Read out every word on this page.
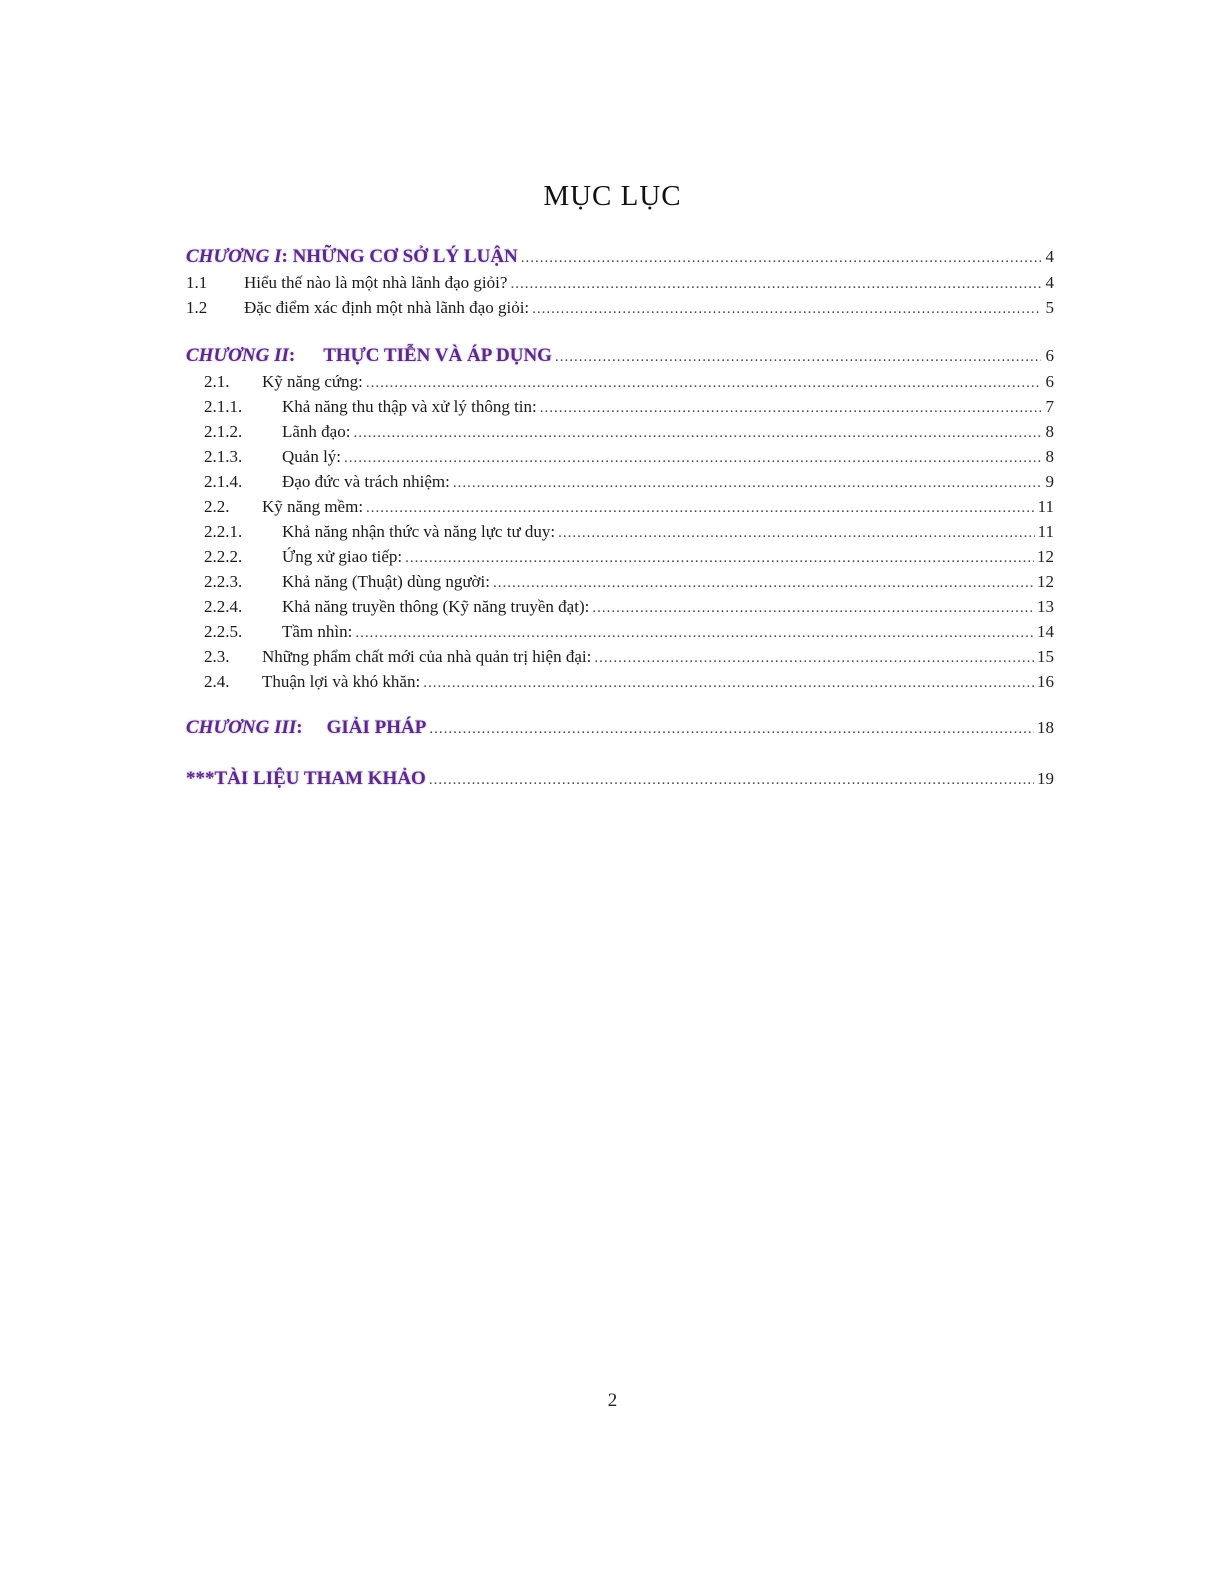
MỤC LỤC
CHƯƠNG I: NHỮNG CƠ SỞ LÝ LUẬN .....	4
1.1	Hiểu thế nào là một nhà lãnh đạo giỏi? .....	4
1.2	Đặc điểm xác định một nhà lãnh đạo giỏi: .....	5
CHƯƠNG II: THỰC TIỄN VÀ ÁP DỤNG .....	6
2.1.	Kỹ năng cứng: .....	6
2.1.1.	Khả năng thu thập và xử lý thông tin: .....	7
2.1.2.	Lãnh đạo: .....	8
2.1.3.	Quản lý: .....	8
2.1.4.	Đạo đức và trách nhiệm: .....	9
2.2.	Kỹ năng mềm: .....	11
2.2.1.	Khả năng nhận thức và năng lực tư duy: .....	11
2.2.2.	Ứng xử giao tiếp: .....	12
2.2.3.	Khả năng (Thuật) dùng người: .....	12
2.2.4.	Khả năng truyền thông (Kỹ năng truyền đạt): .....	13
2.2.5.	Tầm nhìn: .....	14
2.3.	Những phẩm chất mới của nhà quản trị hiện đại: .....	15
2.4.	Thuận lợi và khó khăn: .....	16
CHƯƠNG III: GIẢI PHÁP .....	18
***TÀI LIỆU THAM KHẢO .....	19
2
